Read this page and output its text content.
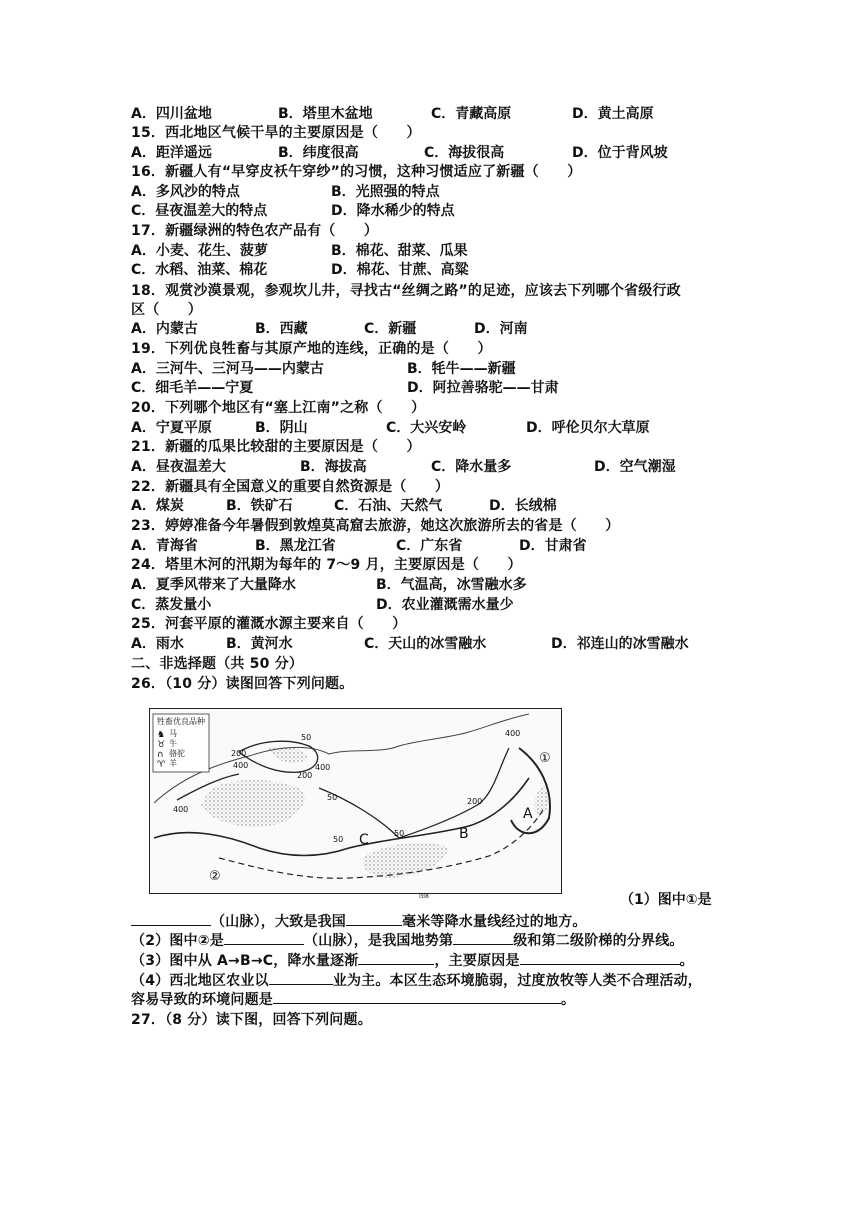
A．四川盆地	B．塔里木盆地	C．青藏高原	D．黄土高原
15．西北地区气候干旱的主要原因是（　　）
A．距洋遥远	B．纬度很高	C．海拔很高	D．位于背风坡
16．新疆人有“早穿皮袄午穿纱”的习惯，这种习惯适应了新疆（　　）
A．多风沙的特点	B．光照强的特点
C．昼夜温差大的特点	D．降水稀少的特点
17．新疆绿洲的特色农产品有（　　）
A．小麦、花生、菠萝	B．棉花、甜菜、瓜果
C．水稻、油菜、棉花	D．棉花、甘蔗、高粱
18．观赏沙漠景观，参观坎儿井，寻找古“丝绸之路”的足迹，应该去下列哪个省级行政
区（　　）
A．内蒙古	B．西藏	C．新疆	D．河南
19．下列优良牲畜与其原产地的连线，正确的是（　　）
A．三河牛、三河马——内蒙古	B．牦牛——新疆
C．细毛羊——宁夏	D．阿拉善骆驼——甘肃
20．下列哪个地区有“塞上江南”之称（　　）
A．宁夏平原	B．阴山	C．大兴安岭	D．呼伦贝尔大草原
21．新疆的瓜果比较甜的主要原因是（　　）
A．昼夜温差大	B．海拔高	C．降水量多	D．空气潮湿
22．新疆具有全国意义的重要自然资源是（　　）
A．煤炭	B．铁矿石	C．石油、天然气	D．长绒棉
23．婷婷准备今年暑假到敦煌莫高窟去旅游，她这次旅游所去的省是（　　）
A．青海省	B．黑龙江省	C．广东省	D．甘肃省
24．塔里木河的汛期为每年的 7～9 月，主要原因是（　　）
A．夏季风带来了大量降水	B．气温高，冰雪融水多
C．蒸发量小	D．农业灌溉需水量少
25．河套平原的灌溉水源主要来自（　　）
A．雨水	B．黄河水	C．天山的冰雪融水	D．祁连山的冰雪融水
二、非选择题（共 50 分）
26．（10 分）读图回答下列问题。
牲畜优良品种
马
牛
骆驼
羊
♞
♉
∩
♈
400
400
200
50
400
200
50
50
50
200
400
A
B
C
①
②
图8	（1）图中①是
（山脉），大致是我国	毫米等降水量线经过的地方。
（2）图中②是	（山脉），是我国地势第	级和第二级阶梯的分界线。
（3）图中从 A→B→C，降水量逐渐	，主要原因是	。
（4）西北地区农业以	业为主。本区生态环境脆弱，过度放牧等人类不合理活动，
容易导致的环境问题是	。
27．（8 分）读下图，回答下列问题。
